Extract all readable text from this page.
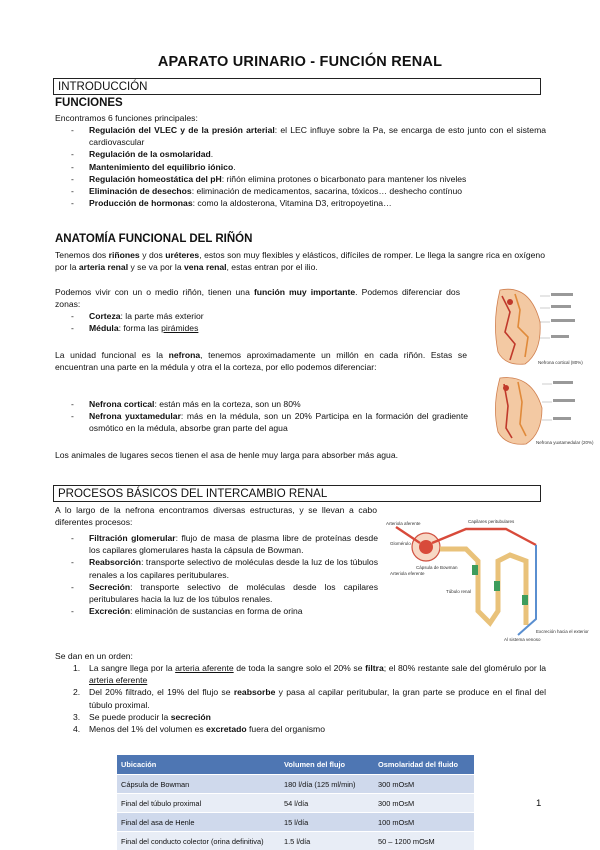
APARATO URINARIO - FUNCIÓN RENAL
INTRODUCCIÓN
FUNCIONES
Encontramos 6 funciones principales:
- Regulación del VLEC y de la presión arterial: el LEC influye sobre la Pa, se encarga de esto junto con el sistema cardiovascular
- Regulación de la osmolaridad.
- Mantenimiento del equilibrio iónico.
- Regulación homeostática del pH: riñón elimina protones o bicarbonato para mantener los niveles
- Eliminación de desechos: eliminación de medicamentos, sacarina, tóxicos… deshecho contínuo
- Producción de hormonas: como la aldosterona, Vitamina D3, eritropoyetina…
ANATOMÍA FUNCIONAL DEL RIÑÓN
Tenemos dos riñones y dos uréteres, estos son muy flexibles y elásticos, difíciles de romper. Le llega la sangre rica en oxígeno por la arteria renal y se va por la vena renal, estas entran por el ilio.
Podemos vivir con un o medio riñón, tienen una función muy importante. Podemos diferenciar dos zonas:
- Corteza: la parte más exterior
- Médula: forma las pirámides
La unidad funcional es la nefrona, tenemos aproximadamente un millón en cada riñón. Estas se encuentran una parte en la médula y otra el la corteza, por ello podemos diferenciar:
- Nefrona cortical: están más en la corteza, son un 80%
- Nefrona yuxtamedular: más en la médula, son un 20% Participa en la formación del gradiente osmótico en la médula, absorbe gran parte del agua
Los animales de lugares secos tienen el asa de henle muy larga para absorber más agua.
Nefrona cortical (80%)
Nefrona yuxtamedular (20%)
PROCESOS BÁSICOS DEL INTERCAMBIO RENAL
A lo largo de la nefrona encontramos diversas estructuras, y se llevan a cabo diferentes procesos:
- Filtración glomerular: flujo de masa de plasma libre de proteínas desde los capilares glomerulares hasta la cápsula de Bowman.
- Reabsorción: transporte selectivo de moléculas desde la luz de los túbulos renales a los capilares peritubulares.
- Secreción: transporte selectivo de moléculas desde los capilares peritubulares hacia la luz de los túbulos renales.
- Excreción: eliminación de sustancias en forma de orina
Arteriola aferente
Glomérulo
Arteriola eferente
Cápsula de Bowman
Túbulo renal
Capilares peritubulares
Al sistema venoso
Excreción hacia el exterior
Se dan en un orden:
1. La sangre llega por la arteria aferente de toda la sangre solo el 20% se filtra; el 80% restante sale del glomérulo por la arteria eferente
2. Del 20% filtrado, el 19% del flujo se reabsorbe y pasa al capilar peritubular, la gran parte se produce en el final del túbulo proximal.
3. Se puede producir la secreción
4. Menos del 1% del volumen es excretado fuera del organismo
Ubicación	Volumen del flujo	Osmolaridad del fluido
Cápsula de Bowman	180 l/día (125 ml/min)	300 mOsM
Final del túbulo proximal	54 l/día	300 mOsM
Final del asa de Henle	15 l/día	100 mOsM
Final del conducto colector (orina definitiva)	1.5 l/día	50 – 1200 mOsM
1
